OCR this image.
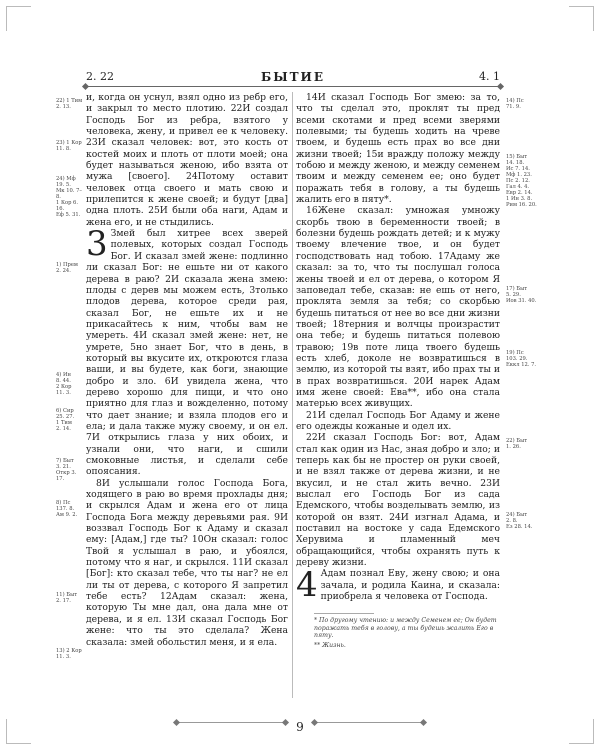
2. 22	БЫТИЕ	4. 1
22) 1 Тим
2. 13.
23) 1 Кор
11. 8.
24) Мф
19. 5.
Мк 10. 7–8.
1 Кор 6. 16.
Еф 5. 31.
1) Прем
2. 24.
4) Ин
8. 44.
2 Кор
11. 3.
6) Сир
25. 27.
1 Тим
2. 14.
7) Быт
3. 21.
Откр 3. 17.
8) Пс
137. 8.
Ам 9. 2.
11) Быт
2. 17.
13) 2 Кор
11. 3.
14) Пс
71. 9.
15) Быт
14. 18.
Ис 7. 14.
Мф 1. 23.
Пс 2. 12.
Гал 4. 4.
Евр 2. 14.
1 Ин 3. 8.
Рим 16. 20.
17) Быт
5. 29.
Иов 31. 40.
19) Пс
103. 29.
Еккл 12. 7.
22) Быт
1. 26.
24) Быт
2. 8.
Ез 28. 14.

и, когда он уснул, взял одно из ребр его, и закрыл то место плотию. 22И создал Господь Бог из ребра, взятого у человека, жену, и привел ее к человеку. 23И сказал человек: вот, это кость от костей моих и плоть от плоти моей; она будет называться женою, ибо взята от мужа [своего]. 24Потому оставит человек отца своего и мать свою и прилепится к жене своей; и будут [два] одна плоть. 25И были оба наги, Адам и жена его, и не стыдились.

3 Змей был хитрее всех зверей полевых, которых создал Господь Бог. И сказал змей жене: подлинно ли сказал Бог: не ешьте ни от какого дерева в раю? 2И сказала жена змею: плоды с дерев мы можем есть, 3только плодов дерева, которое среди рая, сказал Бог, не ешьте их и не прикасайтесь к ним, чтобы вам не умереть. 4И сказал змей жене: нет, не умрете, 5но знает Бог, что в день, в который вы вкусите их, откроются глаза ваши, и вы будете, как боги, знающие добро и зло. 6И увидела жена, что дерево хорошо для пищи, и что оно приятно для глаз и вожделенно, потому что дает знание; и взяла плодов его и ела; и дала также мужу своему, и он ел. 7И открылись глаза у них обоих, и узнали они, что наги, и сшили смоковные листья, и сделали себе опоясания.

8И услышали голос Господа Бога, ходящего в раю во время прохлады дня; и скрылся Адам и жена его от лица Господа Бога между деревьями рая. 9И воззвал Господь Бог к Адаму и сказал ему: [Адам,] где ты? 10Он сказал: голос Твой я услышал в раю, и убоялся, потому что я наг, и скрылся. 11И сказал [Бог]: кто сказал тебе, что ты наг? не ел ли ты от дерева, с которого Я запретил тебе есть? 12Адам сказал: жена, которую Ты мне дал, она дала мне от дерева, и я ел. 13И сказал Господь Бог жене: что ты это сделала? Жена сказала: змей обольстил меня, и я ела.

14И сказал Господь Бог змею: за то, что ты сделал это, проклят ты пред всеми скотами и пред всеми зверями полевыми; ты будешь ходить на чреве твоем, и будешь есть прах во все дни жизни твоей; 15и вражду положу между тобою и между женою, и между семенем твоим и между семенем ее; оно будет поражать тебя в голову, а ты будешь жалить его в пяту*.

16Жене сказал: умножая умножу скорбь твою в беременности твоей; в болезни будешь рождать детей; и к мужу твоему влечение твое, и он будет господствовать над тобою. 17Адаму же сказал: за то, что ты послушал голоса жены твоей и ел от дерева, о котором Я заповедал тебе, сказав: не ешь от него, проклята земля за тебя; со скорбью будешь питаться от нее во все дни жизни твоей; 18терния и волчцы произрастит она тебе; и будешь питаться полевою травою; 19в поте лица твоего будешь есть хлеб, доколе не возвратишься в землю, из которой ты взят, ибо прах ты и в прах возвратишься. 20И нарек Адам имя жене своей: Ева**, ибо она стала матерью всех живущих.

21И сделал Господь Бог Адаму и жене его одежды кожаные и одел их.

22И сказал Господь Бог: вот, Адам стал как один из Нас, зная добро и зло; и теперь как бы не простер он руки своей, и не взял также от дерева жизни, и не вкусил, и не стал жить вечно. 23И выслал его Господь Бог из сада Едемского, чтобы возделывать землю, из которой он взят. 24И изгнал Адама, и поставил на востоке у сада Едемского Херувима и пламенный меч обращающийся, чтобы охранять путь к дереву жизни.

4 Адам познал Еву, жену свою; и она зачала, и родила Каина, и сказала: приобрела я человека от Господа.

* По другому чтению: и между Семенем ее; Он будет поражать тебя в голову, а ты будешь жалить Его в пяту.

** Жизнь.

9
